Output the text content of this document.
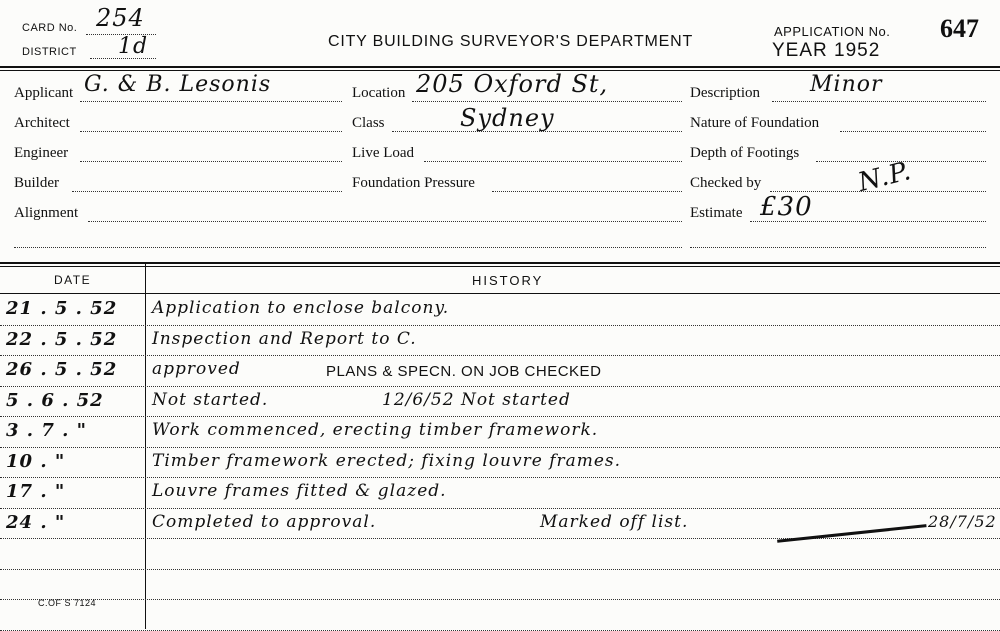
CARD No. 254
DISTRICT 1d	CITY BUILDING SURVEYOR'S DEPARTMENT
APPLICATION No. 647
YEAR 1952
Applicant G. & B. Lesonis
Architect
Engineer
Builder
Alignment
Location 205 Oxford St,
Class	Sydney
Live Load
Foundation Pressure
Description Minor
Nature of Foundation
Depth of Footings
Checked by	N.P.
Estimate £30
DATE	HISTORY
21 . 5 . 52 Application to enclose balcony.
22 . 5 . 52 Inspection and Report to C.
26 . 5 . 52 approved	PLANS & SPECN. ON JOB CHECKED
5 . 6 . 52	Not started.	12/6/52 Not started
3 . 7 . "	Work commenced, erecting timber framework.
10 . "	Timber framework erected; fixing louvre frames.
17 . "	Louvre frames fitted & glazed.
24 . "	Completed to approval.	Marked off list.	28/7/52
C.OF S 7124
